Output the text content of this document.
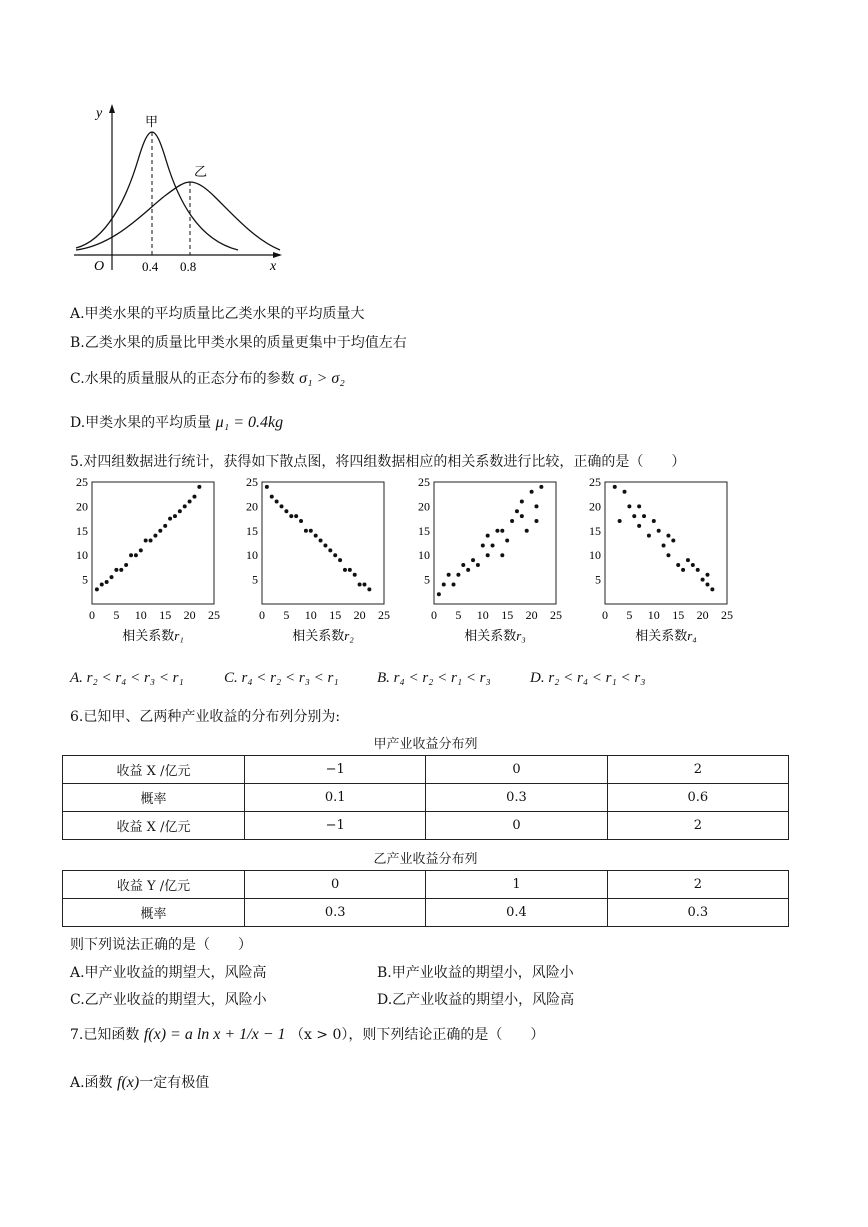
y
x
O	0.4 0.8
甲
乙
A.甲类水果的平均质量比乙类水果的平均质量大
B.乙类水果的质量比甲类水果的质量更集中于均值左右
C.水果的质量服从的正态分布的参数 σ₁ > σ₂
D.甲类水果的平均质量 μ₁ = 0.4kg
5.对四组数据进行统计，获得如下散点图，将四组数据相应的相关系数进行比较，正确的是（　　）
5
10
15
20
25
0 5 10 15 20 25
相关系数r₁
5
10
15
20
25
0 5 10 15 20 25
相关系数r₂
5
10
15
20
25
0 5 10 15 20 25
相关系数r₃
5
10
15
20
25
0 5 10 15 20 25
相关系数r₄
A. r₂ < r₄ < r₃ < r₁	C. r₄ < r₂ < r₃ < r₁	B. r₄ < r₂ < r₁ < r₃	D. r₂ < r₄ < r₁ < r₃
6.已知甲、乙两种产业收益的分布列分别为:
甲产业收益分布列
收益 X /亿元	−1	0	2
概率	0.1	0.3	0.6
收益 X /亿元	−1	0	2
乙产业收益分布列
收益 Y /亿元	0	1	2
概率	0.3	0.4	0.3
则下列说法正确的是（　　）
A.甲产业收益的期望大，风险高	B.甲产业收益的期望小，风险小
C.乙产业收益的期望大，风险小	D.乙产业收益的期望小，风险高
7.已知函数 f(x) = a ln x + 1/x − 1 （x > 0），则下列结论正确的是（　　）
A.函数 f(x)一定有极值
